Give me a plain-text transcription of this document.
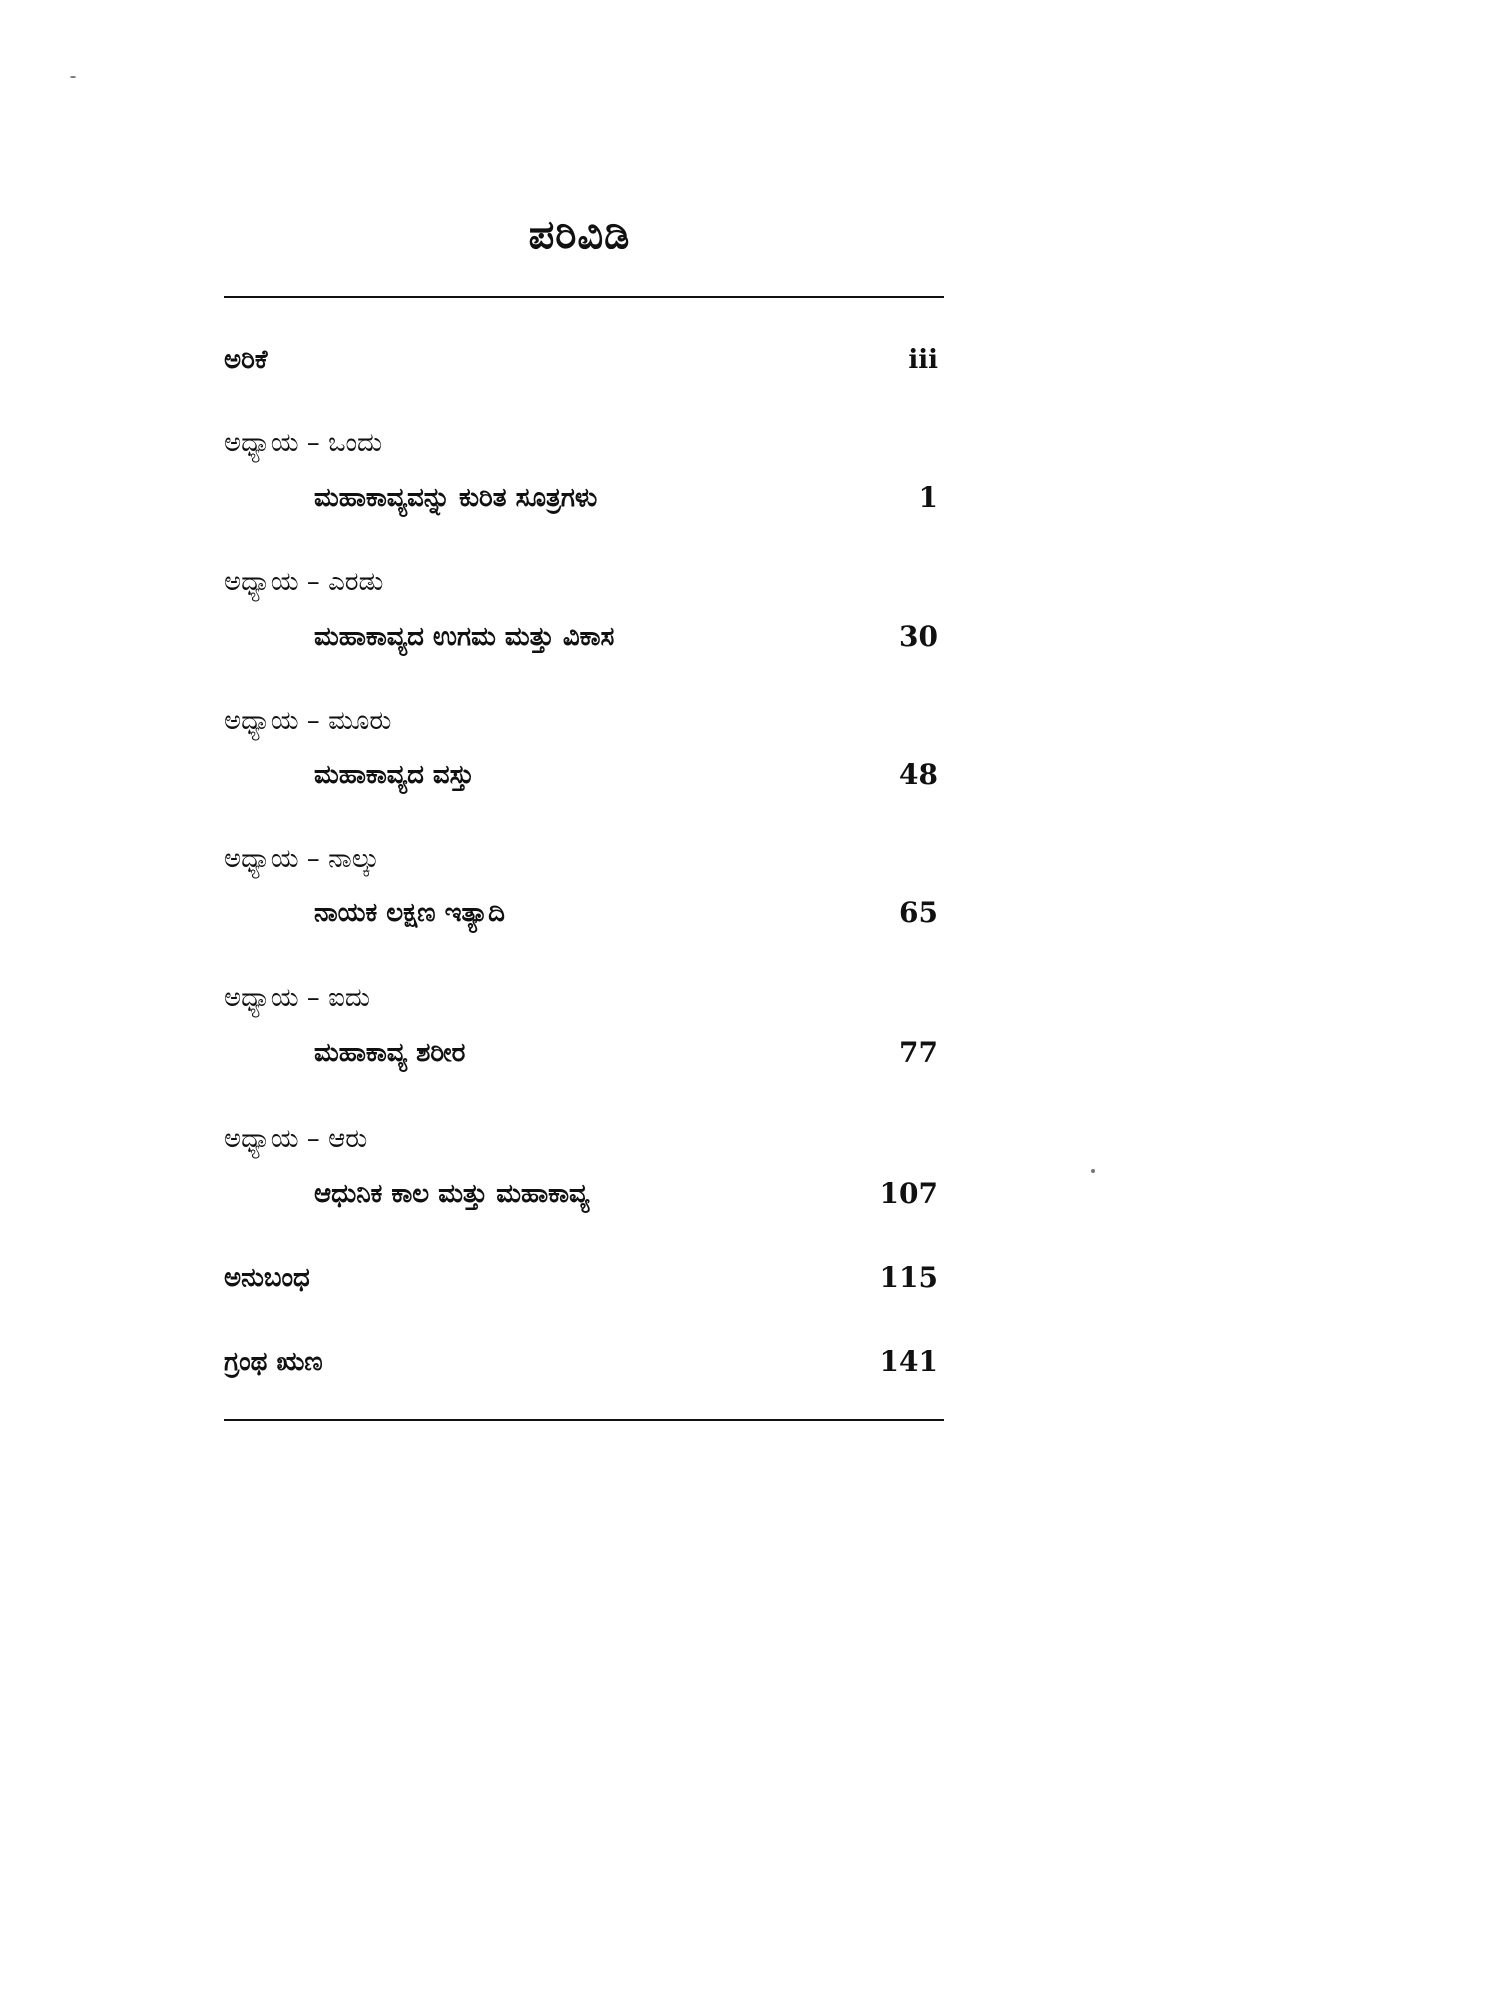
ಪರಿವಿಡಿ
ಅರಿಕೆ	iii
ಅಧ್ಯಾಯ – ಒಂದು
ಮಹಾಕಾವ್ಯವನ್ನು ಕುರಿತ ಸೂತ್ರಗಳು	1
ಅಧ್ಯಾಯ – ಎರಡು
ಮಹಾಕಾವ್ಯದ ಉಗಮ ಮತ್ತು ವಿಕಾಸ	30
ಅಧ್ಯಾಯ – ಮೂರು
ಮಹಾಕಾವ್ಯದ ವಸ್ತು	48
ಅಧ್ಯಾಯ – ನಾಲ್ಕು
ನಾಯಕ ಲಕ್ಷಣ ಇತ್ಯಾದಿ	65
ಅಧ್ಯಾಯ – ಐದು
ಮಹಾಕಾವ್ಯ ಶರೀರ	77
ಅಧ್ಯಾಯ – ಆರು
ಆಧುನಿಕ ಕಾಲ ಮತ್ತು ಮಹಾಕಾವ್ಯ	107
ಅನುಬಂಧ	115
ಗ್ರಂಥ ಋಣ	141
